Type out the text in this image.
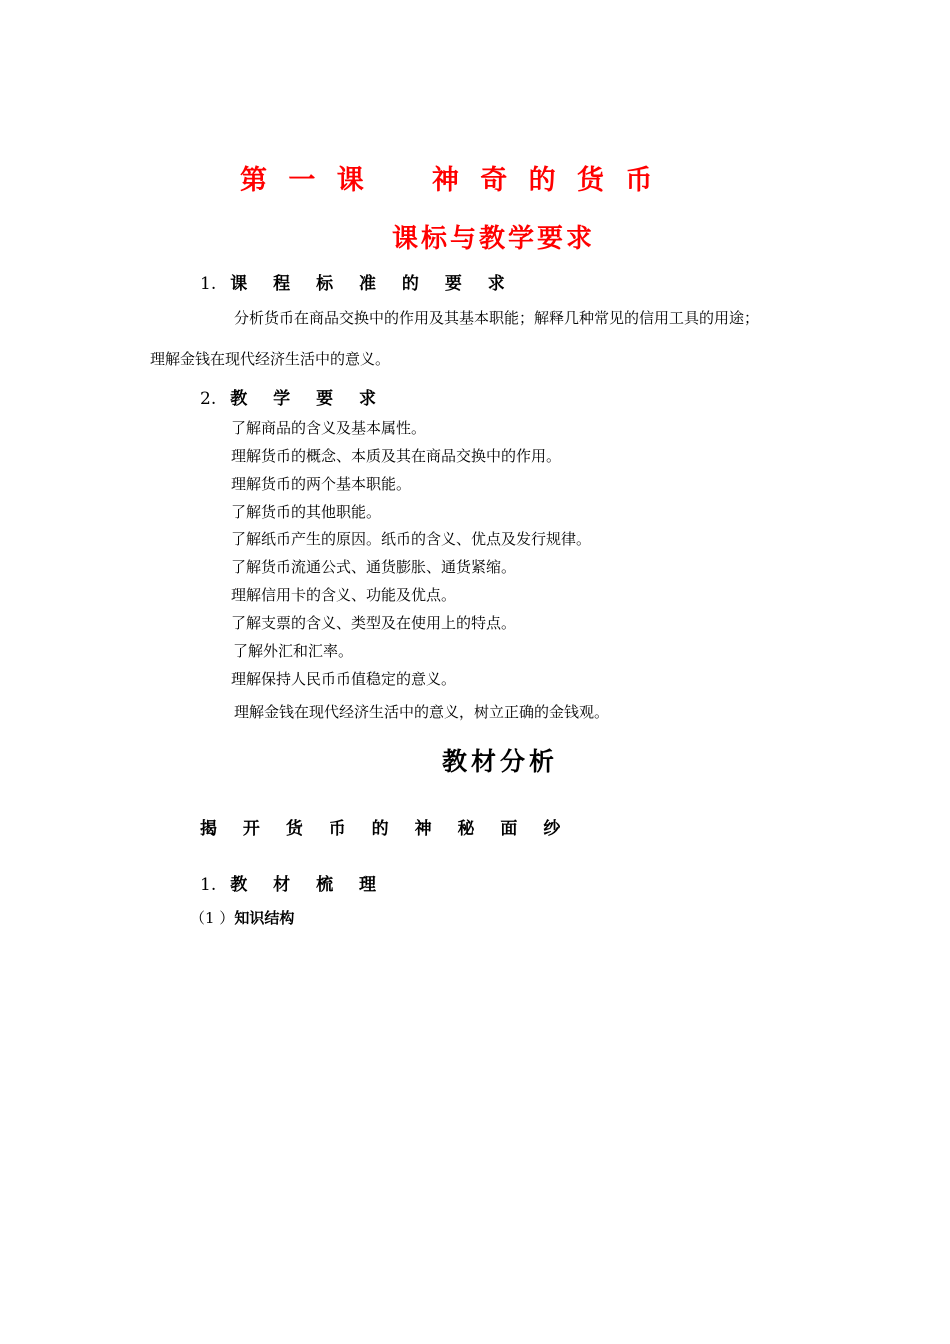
第 一 课 神 奇 的 货 币
课标与教学要求
1. 课 程 标 准 的 要 求
分析货币在商品交换中的作用及其基本职能；解释几种常见的信用工具的用途；
理解金钱在现代经济生活中的意义。
2. 教 学 要 求
了解商品的含义及基本属性。
理解货币的概念、本质及其在商品交换中的作用。
理解货币的两个基本职能。
了解货币的其他职能。
了解纸币产生的原因。纸币的含义、优点及发行规律。
了解货币流通公式、通货膨胀、通货紧缩。
理解信用卡的含义、功能及优点。
了解支票的含义、类型及在使用上的特点。
了解外汇和汇率。
理解保持人民币币值稳定的意义。
理解金钱在现代经济生活中的意义，树立正确的金钱观。
教材分析
揭 开 货 币 的 神 秘 面 纱
1. 教 材 梳 理
（1 ）知识结构
